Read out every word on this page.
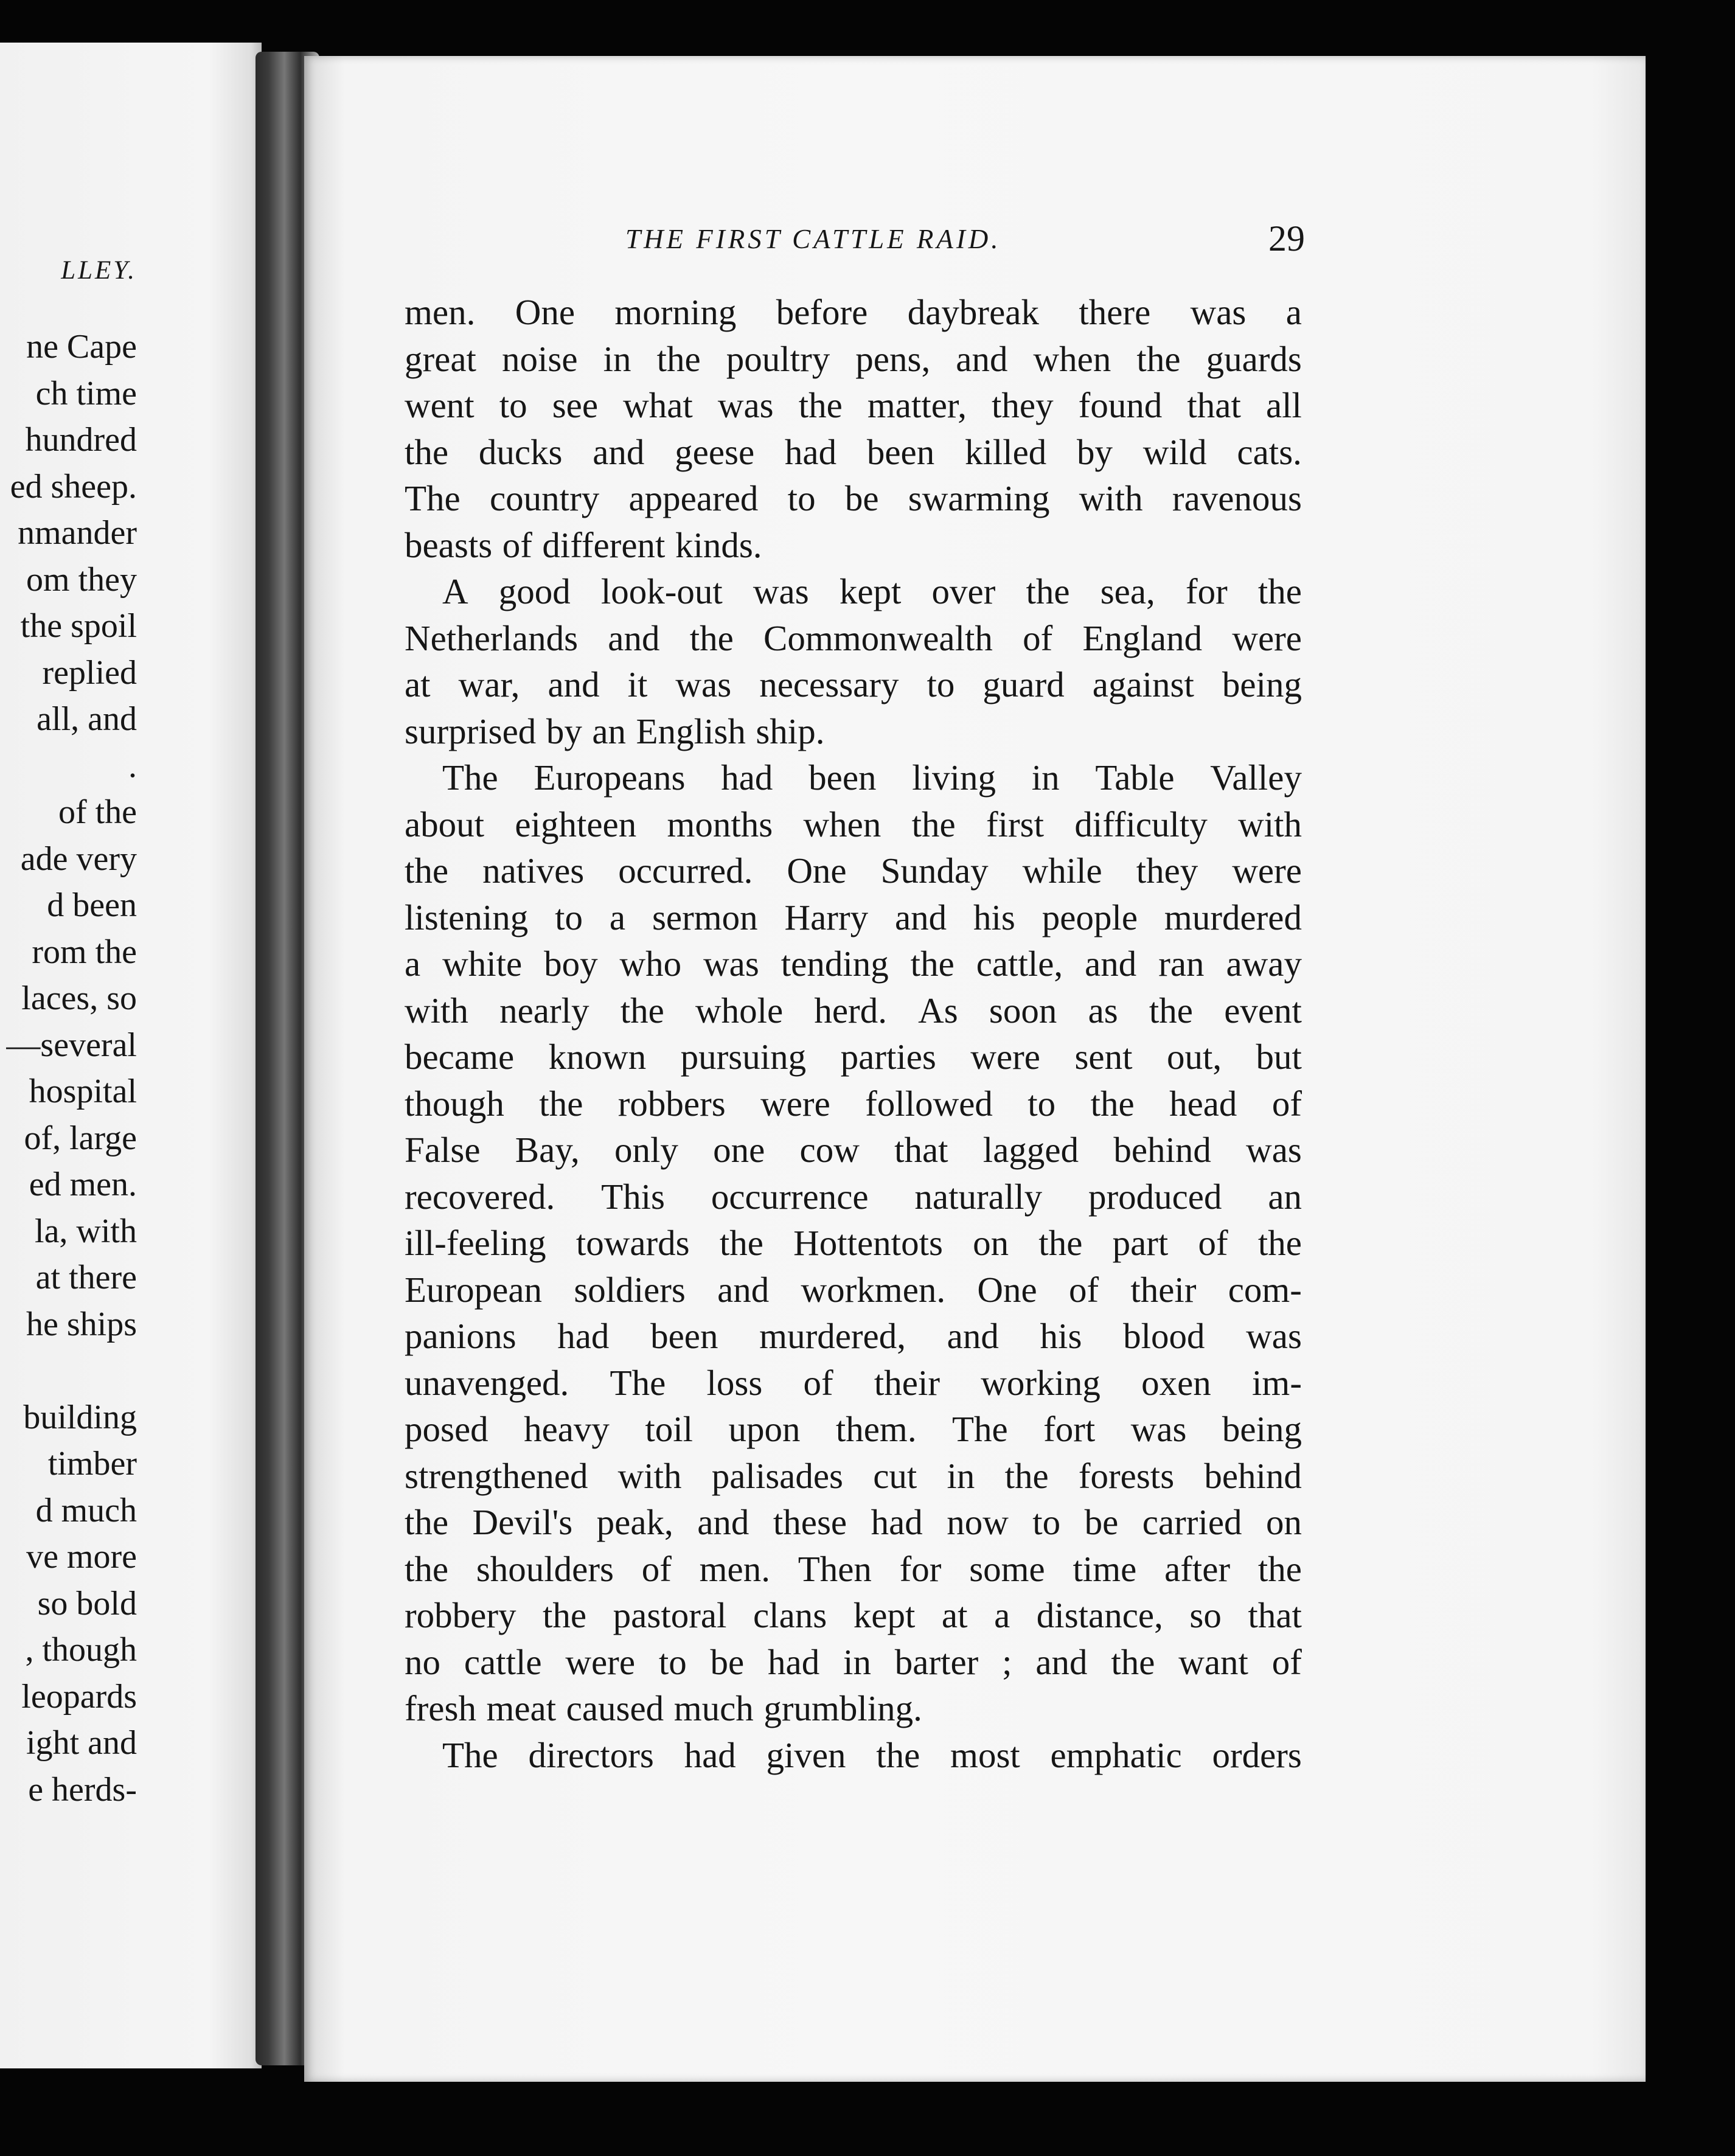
LLEY.
ne Cape
ch time
hundred
ed sheep.
nmander
om they
the spoil
replied
all, and
.
of the
ade very
d been
rom the
laces, so
—several
hospital
of, large
ed men.
la, with
at there
he ships
building
timber
d much
ve more
so bold
, though
leopards
ight and
e herds-
THE FIRST CATTLE RAID.	29
men. One morning before daybreak there was a
great noise in the poultry pens, and when the guards
went to see what was the matter, they found that all
the ducks and geese had been killed by wild cats.
The country appeared to be swarming with ravenous
beasts of different kinds.
A good look-out was kept over the sea, for the
Netherlands and the Commonwealth of England were
at war, and it was necessary to guard against being
surprised by an English ship.
The Europeans had been living in Table Valley
about eighteen months when the first difficulty with
the natives occurred. One Sunday while they were
listening to a sermon Harry and his people murdered
a white boy who was tending the cattle, and ran away
with nearly the whole herd. As soon as the event
became known pursuing parties were sent out, but
though the robbers were followed to the head of
False Bay, only one cow that lagged behind was
recovered. This occurrence naturally produced an
ill-feeling towards the Hottentots on the part of the
European soldiers and workmen. One of their com-
panions had been murdered, and his blood was
unavenged. The loss of their working oxen im-
posed heavy toil upon them. The fort was being
strengthened with palisades cut in the forests behind
the Devil's peak, and these had now to be carried on
the shoulders of men. Then for some time after the
robbery the pastoral clans kept at a distance, so that
no cattle were to be had in barter ; and the want of
fresh meat caused much grumbling.
The directors had given the most emphatic orders
